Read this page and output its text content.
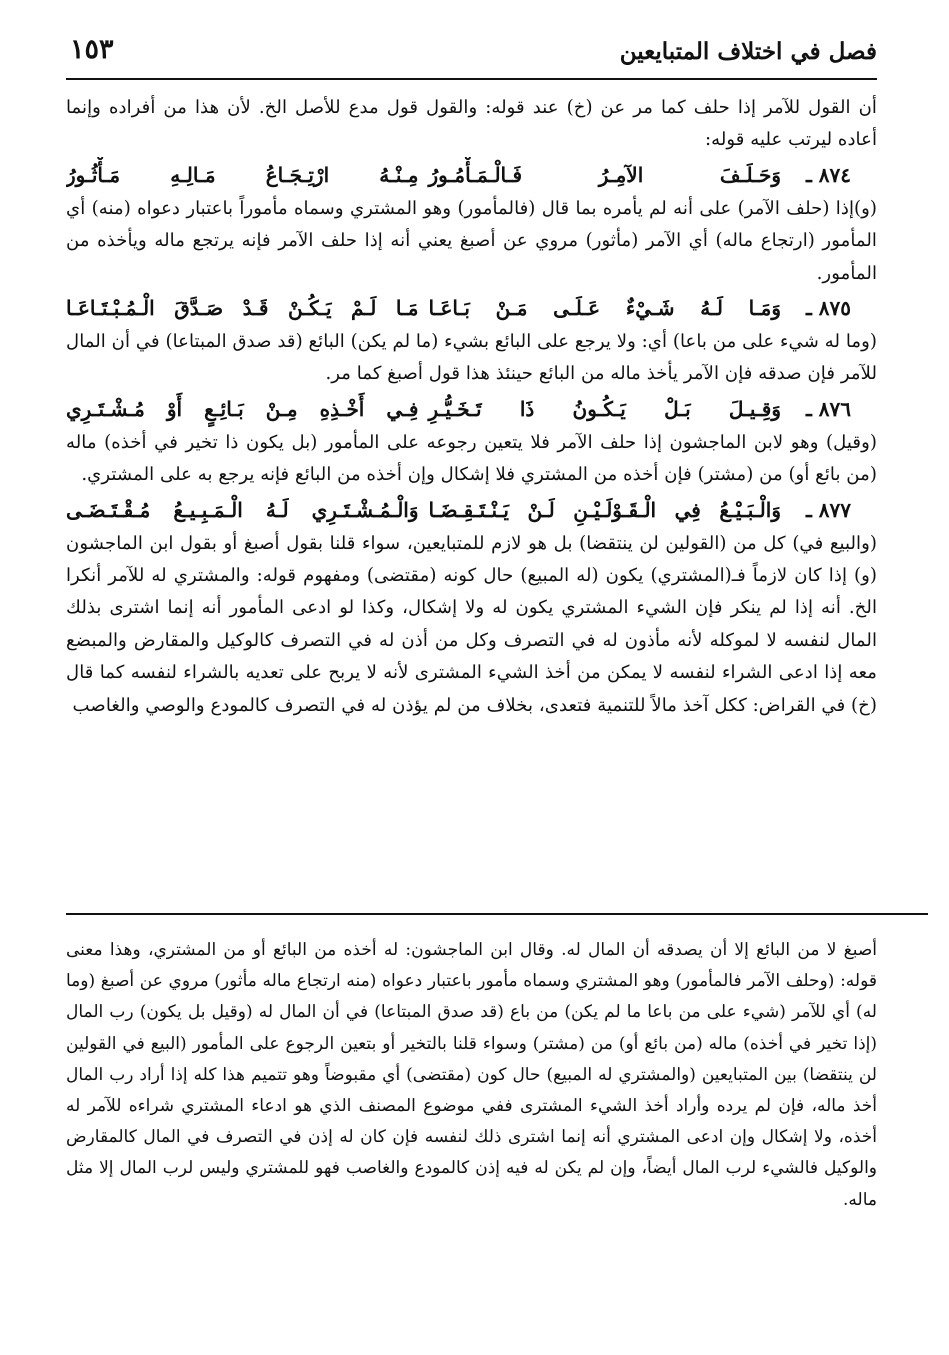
فصل في اختلاف المتبايعين
١٥٣

أن القول للآمر إذا حلف كما مر عن (خ) عند قوله: والقول قول مدع للأصل الخ. لأن هذا من أفراده وإنما أعاده ليرتب عليه قوله:

٨٧٤ ـ
وَحَـلَـفَ الآمِـرُ فَـالْـمَـأْمُـورُ
مِـنْـهُ ارْتِـجَـاعُ مَـالِـهِ مَـأْثُـورُ

(و)إذا (حلف الآمر) على أنه لم يأمره بما قال (فالمأمور) وهو المشتري وسماه مأموراً باعتبار دعواه (منه) أي المأمور (ارتجاع ماله) أي الآمر (مأثور) مروي عن أصبغ يعني أنه إذا حلف الآمر فإنه يرتجع ماله ويأخذه من المأمور.

٨٧٥ ـ
وَمَـا لَـهُ شَـيْءٌ عَـلَـى مَـنْ بَـاعَـا
مَـا لَـمْ يَـكُـنْ قَـدْ صَـدَّقَ الْـمُـبْـتَـاعَـا

(وما له شيء على من باعا) أي: ولا يرجع على البائع بشيء (ما لم يكن) البائع (قد صدق المبتاعا) في أن المال للآمر فإن صدقه فإن الآمر يأخذ ماله من البائع حينئذ هذا قول أصبغ كما مر.

٨٧٦ ـ
وَقِـيـلَ بَـلْ يَـكُـونُ ذَا تَـخَـيُّـرِ
فِـي أَخْـذِهِ مِـنْ بَـائِـعٍ أَوْ مُـشْـتَـرِي

(وقيل) وهو لابن الماجشون إذا حلف الآمر فلا يتعين رجوعه على المأمور (بل يكون ذا تخير في أخذه) ماله (من بائع أو) من (مشتر) فإن أخذه من المشتري فلا إشكال وإن أخذه من البائع فإنه يرجع به على المشتري.

٨٧٧ ـ
وَالْـبَـيْـعُ فِي الْـقَـوْلَـيْـنِ لَـنْ يَـنْـتَـقِـضَـا
وَالْـمُـشْـتَـرِي لَـهُ الْـمَـبِـيـعُ مُـقْـتَـضَـى

(والبيع في) كل من (القولين لن ينتقضا) بل هو لازم للمتبايعين، سواء قلنا بقول أصبغ أو بقول ابن الماجشون (و) إذا كان لازماً فـ(المشتري) يكون (له المبيع) حال كونه (مقتضى) ومفهوم قوله: والمشتري له للآمر أنكرا الخ. أنه إذا لم ينكر فإن الشيء المشتري يكون له ولا إشكال، وكذا لو ادعى المأمور أنه إنما اشترى بذلك المال لنفسه لا لموكله لأنه مأذون له في التصرف وكل من أذن له في التصرف كالوكيل والمقارض والمبضع معه إذا ادعى الشراء لنفسه لا يمكن من أخذ الشيء المشترى لأنه لا يربح على تعديه بالشراء لنفسه كما قال (خ) في القراض: ككل آخذ مالاً للتنمية فتعدى، بخلاف من لم يؤذن له في التصرف كالمودع والوصي والغاصب

أصبغ لا من البائع إلا أن يصدقه أن المال له. وقال ابن الماجشون: له أخذه من البائع أو من المشتري، وهذا معنى قوله: (وحلف الآمر فالمأمور) وهو المشتري وسماه مأمور باعتبار دعواه (منه ارتجاع ماله مأثور) مروي عن أصبغ (وما له) أي للآمر (شيء على من باعا ما لم يكن) من باع (قد صدق المبتاعا) في أن المال له (وقيل بل يكون) رب المال (إذا تخير في أخذه) ماله (من بائع أو) من (مشتر) وسواء قلنا بالتخير أو بتعين الرجوع على المأمور (البيع في القولين لن ينتقضا) بين المتبايعين (والمشتري له المبيع) حال كون (مقتضى) أي مقبوضاً وهو تتميم هذا كله إذا أراد رب المال أخذ ماله، فإن لم يرده وأراد أخذ الشيء المشترى ففي موضوع المصنف الذي هو ادعاء المشتري شراءه للآمر له أخذه، ولا إشكال وإن ادعى المشتري أنه إنما اشترى ذلك لنفسه فإن كان له إذن في التصرف في المال كالمقارض والوكيل فالشيء لرب المال أيضاً، وإن لم يكن له فيه إذن كالمودع والغاصب فهو للمشتري وليس لرب المال إلا مثل ماله.
